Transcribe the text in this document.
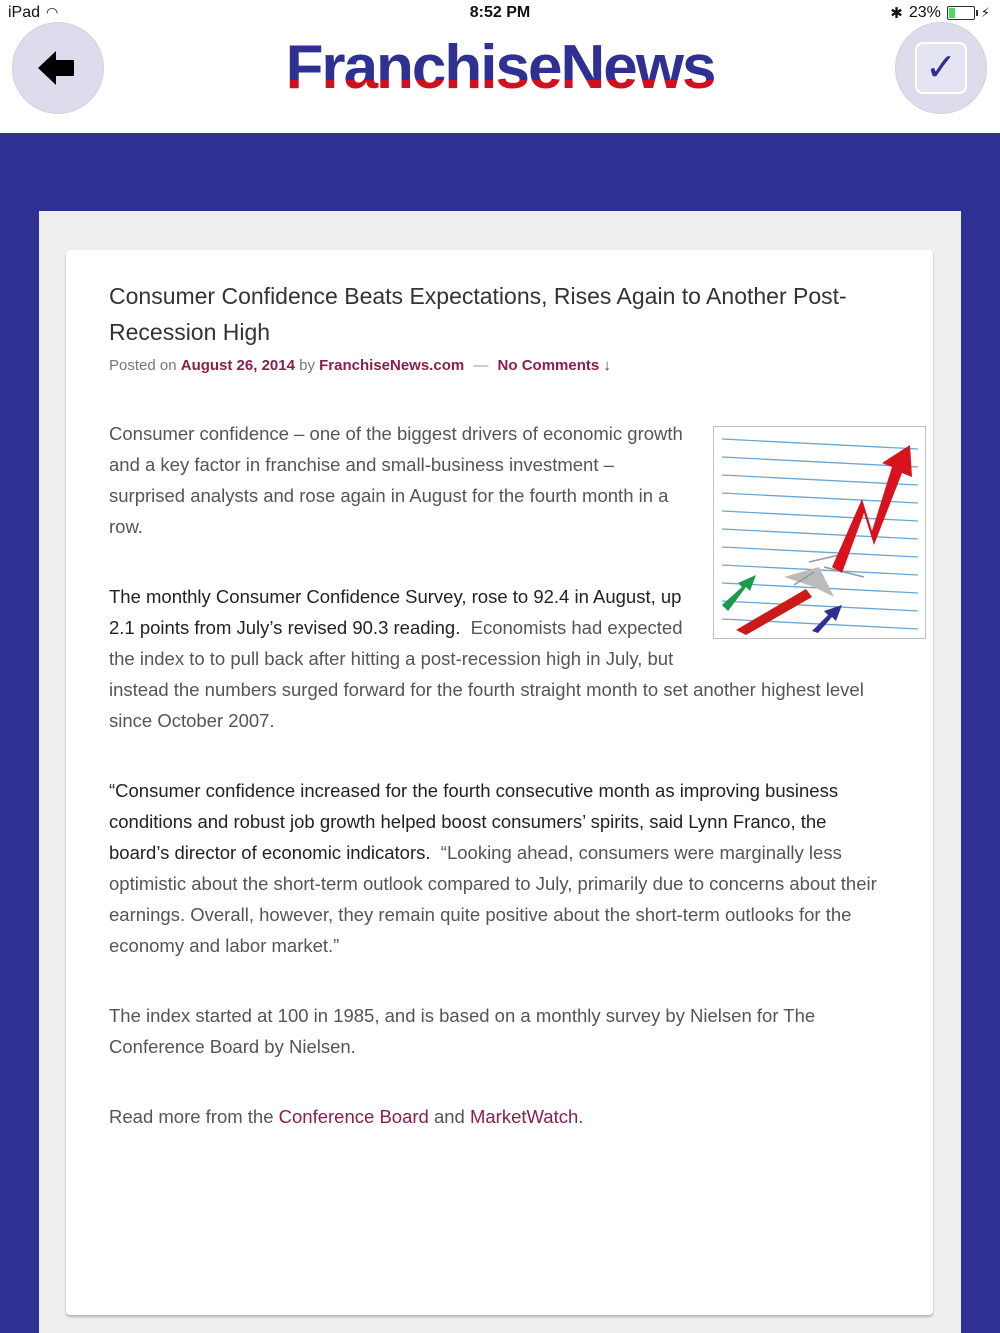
iPad ◠	8:52 PM	✱ 23%	⚡
FranchiseNews	✓
Consumer Confidence Beats Expectations, Rises Again to Another Post-Recession High
Posted on August 26, 2014 by FranchiseNews.com — No Comments ↓

Consumer confidence – one of the biggest drivers of economic growth and a key factor in franchise and small-business investment – surprised analysts and rose again in August for the fourth month in a row.

The monthly Consumer Confidence Survey, rose to 92.4 in August, up 2.1 points from July’s revised 90.3 reading. Economists had expected the index to to pull back after hitting a post-recession high in July, but instead the numbers surged forward for the fourth straight month to set another highest level since October 2007.

“Consumer confidence increased for the fourth consecutive month as improving business conditions and robust job growth helped boost consumers’ spirits, said Lynn Franco, the board’s director of economic indicators. “Looking ahead, consumers were marginally less optimistic about the short-term outlook compared to July, primarily due to concerns about their earnings. Overall, however, they remain quite positive about the short-term outlooks for the economy and labor market.”

The index started at 100 in 1985, and is based on a monthly survey by Nielsen for The Conference Board by Nielsen.

Read more from the Conference Board and MarketWatch.
